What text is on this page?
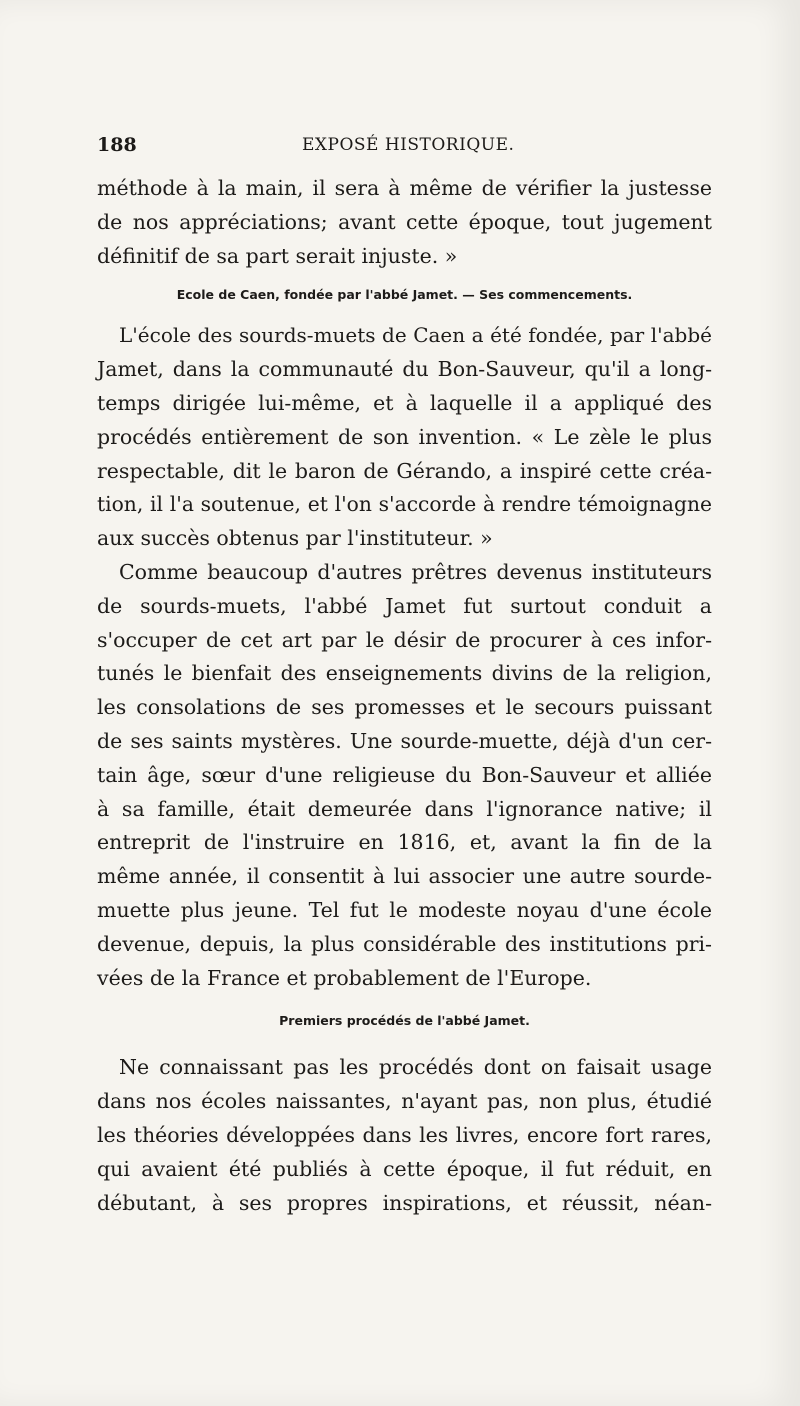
188	EXPOSÉ HISTORIQUE.
méthode à la main, il sera à même de vérifier la justesse
de nos appréciations; avant cette époque, tout jugement
définitif de sa part serait injuste. »
Ecole de Caen, fondée par l'abbé Jamet. — Ses commencements.
L'école des sourds-muets de Caen a été fondée, par l'abbé
Jamet, dans la communauté du Bon-Sauveur, qu'il a long-
temps dirigée lui-même, et à laquelle il a appliqué des
procédés entièrement de son invention. « Le zèle le plus
respectable, dit le baron de Gérando, a inspiré cette créa-
tion, il l'a soutenue, et l'on s'accorde à rendre témoignagne
aux succès obtenus par l'instituteur. »
Comme beaucoup d'autres prêtres devenus instituteurs
de sourds-muets, l'abbé Jamet fut surtout conduit a
s'occuper de cet art par le désir de procurer à ces infor-
tunés le bienfait des enseignements divins de la religion,
les consolations de ses promesses et le secours puissant
de ses saints mystères. Une sourde-muette, déjà d'un cer-
tain âge, sœur d'une religieuse du Bon-Sauveur et alliée
à sa famille, était demeurée dans l'ignorance native; il
entreprit de l'instruire en 1816, et, avant la fin de la
même année, il consentit à lui associer une autre sourde-
muette plus jeune. Tel fut le modeste noyau d'une école
devenue, depuis, la plus considérable des institutions pri-
vées de la France et probablement de l'Europe.
Premiers procédés de l'abbé Jamet.
Ne connaissant pas les procédés dont on faisait usage
dans nos écoles naissantes, n'ayant pas, non plus, étudié
les théories développées dans les livres, encore fort rares,
qui avaient été publiés à cette époque, il fut réduit, en
débutant, à ses propres inspirations, et réussit, néan-
